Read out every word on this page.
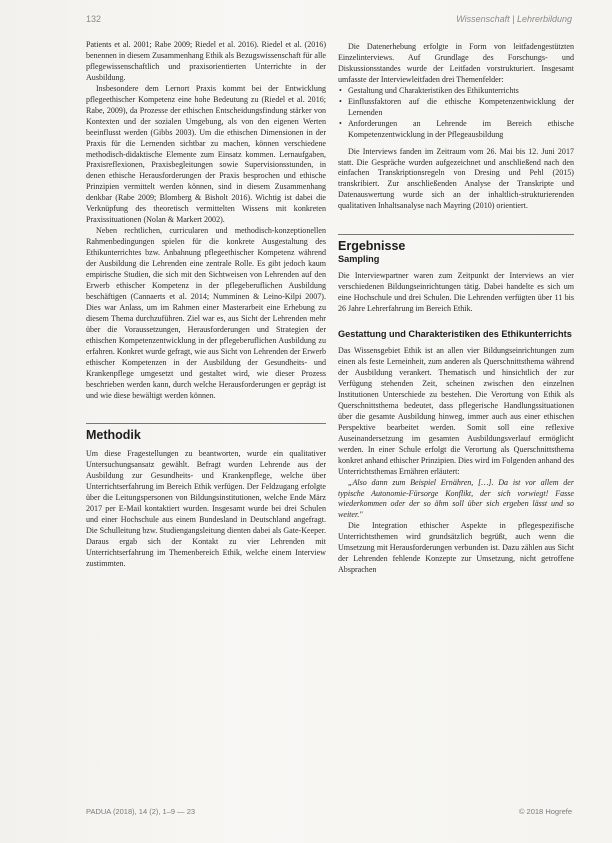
132	Wissenschaft | Lehrerbildung

Patients et al. 2001; Rabe 2009; Riedel et al. 2016). Riedel et al. (2016) benennen in diesem Zusammenhang Ethik als Bezugswissenschaft für alle pflegewissenschaftlich und praxisorientierten Unterrichte in der Ausbildung.

Insbesondere dem Lernort Praxis kommt bei der Entwicklung pflegeethischer Kompetenz eine hohe Bedeutung zu (Riedel et al. 2016; Rabe, 2009), da Prozesse der ethischen Entscheidungsfindung stärker von Kontexten und der sozialen Umgebung, als von den eigenen Werten beeinflusst werden (Gibbs 2003). Um die ethischen Dimensionen in der Praxis für die Lernenden sichtbar zu machen, können verschiedene methodisch-didaktische Elemente zum Einsatz kommen. Lernaufgaben, Praxisreflexionen, Praxisbegleitungen sowie Supervisionsstunden, in denen ethische Herausforderungen der Praxis besprochen und ethische Prinzipien vermittelt werden können, sind in diesem Zusammenhang denkbar (Rabe 2009; Blomberg & Bisholt 2016). Wichtig ist dabei die Verknüpfung des theoretisch vermittelten Wissens mit konkreten Praxissituationen (Nolan & Markert 2002).

Neben rechtlichen, curricularen und methodisch-konzeptionellen Rahmenbedingungen spielen für die konkrete Ausgestaltung des Ethikunterrichtes bzw. Anbahnung pflegeethischer Kompetenz während der Ausbildung die Lehrenden eine zentrale Rolle. Es gibt jedoch kaum empirische Studien, die sich mit den Sichtweisen von Lehrenden auf den Erwerb ethischer Kompetenz in der pflegeberuflichen Ausbildung beschäftigen (Cannaerts et al. 2014; Numminen & Leino-Kilpi 2007). Dies war Anlass, um im Rahmen einer Masterarbeit eine Erhebung zu diesem Thema durchzuführen. Ziel war es, aus Sicht der Lehrenden mehr über die Voraussetzungen, Herausforderungen und Strategien der ethischen Kompetenzentwicklung in der pflegeberuflichen Ausbildung zu erfahren. Konkret wurde gefragt, wie aus Sicht von Lehrenden der Erwerb ethischer Kompetenzen in der Ausbildung der Gesundheits- und Krankenpflege umgesetzt und gestaltet wird, wie dieser Prozess beschrieben werden kann, durch welche Herausforderungen er geprägt ist und wie diese bewältigt werden können.

Methodik

Um diese Fragestellungen zu beantworten, wurde ein qualitativer Untersuchungsansatz gewählt. Befragt wurden Lehrende aus der Ausbildung zur Gesundheits- und Krankenpflege, welche über Unterrichtserfahrung im Bereich Ethik verfügen. Der Feldzugang erfolgte über die Leitungspersonen von Bildungsinstitutionen, welche Ende März 2017 per E-Mail kontaktiert wurden. Insgesamt wurde bei drei Schulen und einer Hochschule aus einem Bundesland in Deutschland angefragt. Die Schulleitung bzw. Studiengangsleitung dienten dabei als Gate-Keeper. Daraus ergab sich der Kontakt zu vier Lehrenden mit Unterrichtserfahrung im Themenbereich Ethik, welche einem Interview zustimmten.

Die Datenerhebung erfolgte in Form von leitfadengestützten Einzelinterviews. Auf Grundlage des Forschungs- und Diskussionsstandes wurde der Leitfaden vorstrukturiert. Insgesamt umfasste der Interviewleitfaden drei Themenfelder:

• Gestaltung und Charakteristiken des Ethikunterrichts
• Einflussfaktoren auf die ethische Kompetenzentwicklung der Lernenden
• Anforderungen an Lehrende im Bereich ethische Kompetenzentwicklung in der Pflegeausbildung

Die Interviews fanden im Zeitraum vom 26. Mai bis 12. Juni 2017 statt. Die Gespräche wurden aufgezeichnet und anschließend nach den einfachen Transkriptionsregeln von Dresing und Pehl (2015) transkribiert. Zur anschließenden Analyse der Transkripte und Datenauswertung wurde sich an der inhaltlich-strukturierenden qualitativen Inhaltsanalyse nach Mayring (2010) orientiert.

Ergebnisse
Sampling

Die Interviewpartner waren zum Zeitpunkt der Interviews an vier verschiedenen Bildungseinrichtungen tätig. Dabei handelte es sich um eine Hochschule und drei Schulen. Die Lehrenden verfügten über 11 bis 26 Jahre Lehrerfahrung im Bereich Ethik.

Gestattung und Charakteristiken des Ethikunterrichts

Das Wissensgebiet Ethik ist an allen vier Bildungseinrichtungen zum einen als feste Lerneinheit, zum anderen als Querschnittsthema während der Ausbildung verankert. Thematisch und hinsichtlich der zur Verfügung stehenden Zeit, scheinen zwischen den einzelnen Institutionen Unterschiede zu bestehen. Die Verortung von Ethik als Querschnittsthema bedeutet, dass pflegerische Handlungssituationen über die gesamte Ausbildung hinweg, immer auch aus einer ethischen Perspektive bearbeitet werden. Somit soll eine reflexive Auseinandersetzung im gesamten Ausbildungsverlauf ermöglicht werden. In einer Schule erfolgt die Verortung als Querschnittsthema konkret anhand ethischer Prinzipien. Dies wird im Folgenden anhand des Unterrichtsthemas Ernähren erläutert:

„Also dann zum Beispiel Ernähren, […]. Da ist vor allem der typische Autonomie-Fürsorge Konflikt, der sich vorwiegt! Fasse wiederkommen oder der so ähm soll über sich ergeben lässt und so weiter."

Die Integration ethischer Aspekte in pflegespezifische Unterrichtsthemen wird grundsätzlich begrüßt, auch wenn die Umsetzung mit Herausforderungen verbunden ist. Dazu zählen aus Sicht der Lehrenden fehlende Konzepte zur Umsetzung, nicht getroffene Absprachen

PADUA (2018), 14 (2), 1–9 — 23	© 2018 Hogrefe
